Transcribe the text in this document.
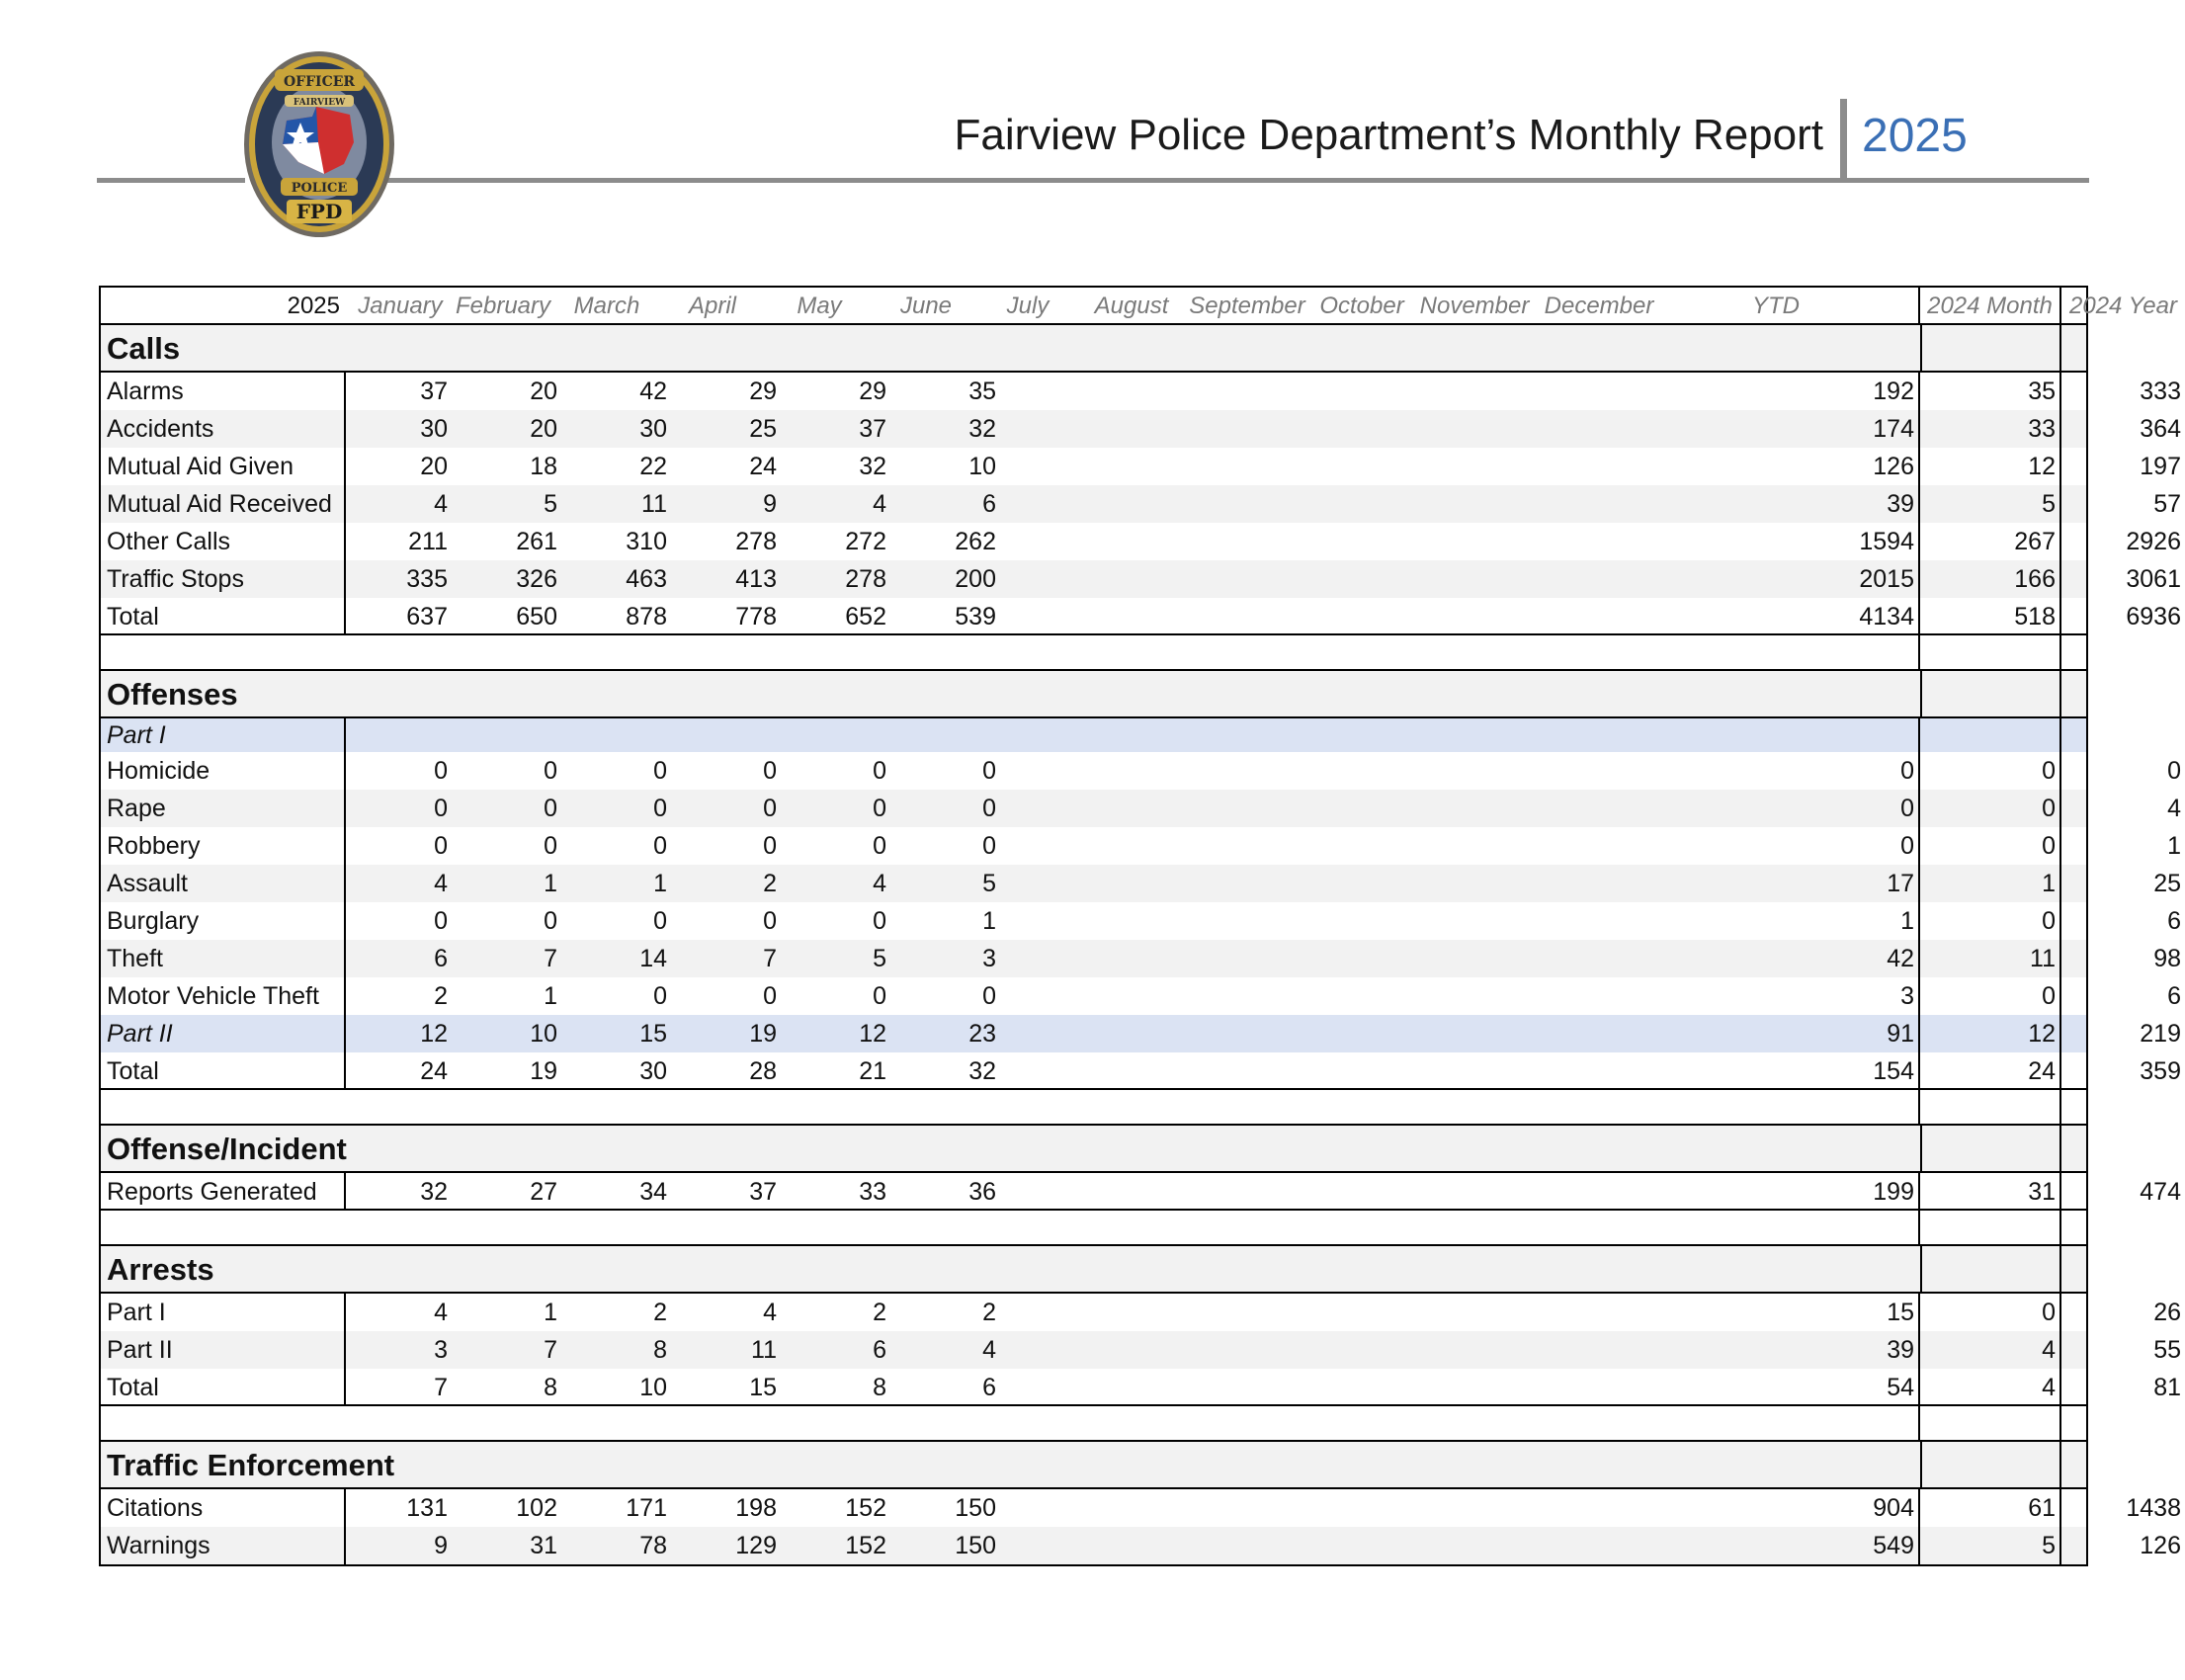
OFFICER
FAIRVIEW
POLICE
FPD
Fairview Police Department’s Monthly Report 2025
2025 January February March	April	May	June	July	August September October November December	YTD	2024 Month 2024 Year
Calls
Alarms	37	20	42	29	29	35	192	35	333
Accidents	30	20	30	25	37	32	174	33	364
Mutual Aid Given	20	18	22	24	32	10	126	12	197
Mutual Aid Received	4	5	11	9	4	6	39	5	57
Other Calls	211	261	310	278	272	262	1594	267	2926
Traffic Stops	335	326	463	413	278	200	2015	166	3061
Total	637	650	878	778	652	539	4134	518	6936
Offenses
Part I
Homicide	0	0	0	0	0	0	0	0	0
Rape	0	0	0	0	0	0	0	0	4
Robbery	0	0	0	0	0	0	0	0	1
Assault	4	1	1	2	4	5	17	1	25
Burglary	0	0	0	0	0	1	1	0	6
Theft	6	7	14	7	5	3	42	11	98
Motor Vehicle Theft	2	1	0	0	0	0	3	0	6
Part II	12	10	15	19	12	23	91	12	219
Total	24	19	30	28	21	32	154	24	359
Offense/Incident
Reports Generated	32	27	34	37	33	36	199	31	474
Arrests
Part I	4	1	2	4	2	2	15	0	26
Part II	3	7	8	11	6	4	39	4	55
Total	7	8	10	15	8	6	54	4	81
Traffic Enforcement
Citations	131	102	171	198	152	150	904	61	1438
Warnings	9	31	78	129	152	150	549	5	126
